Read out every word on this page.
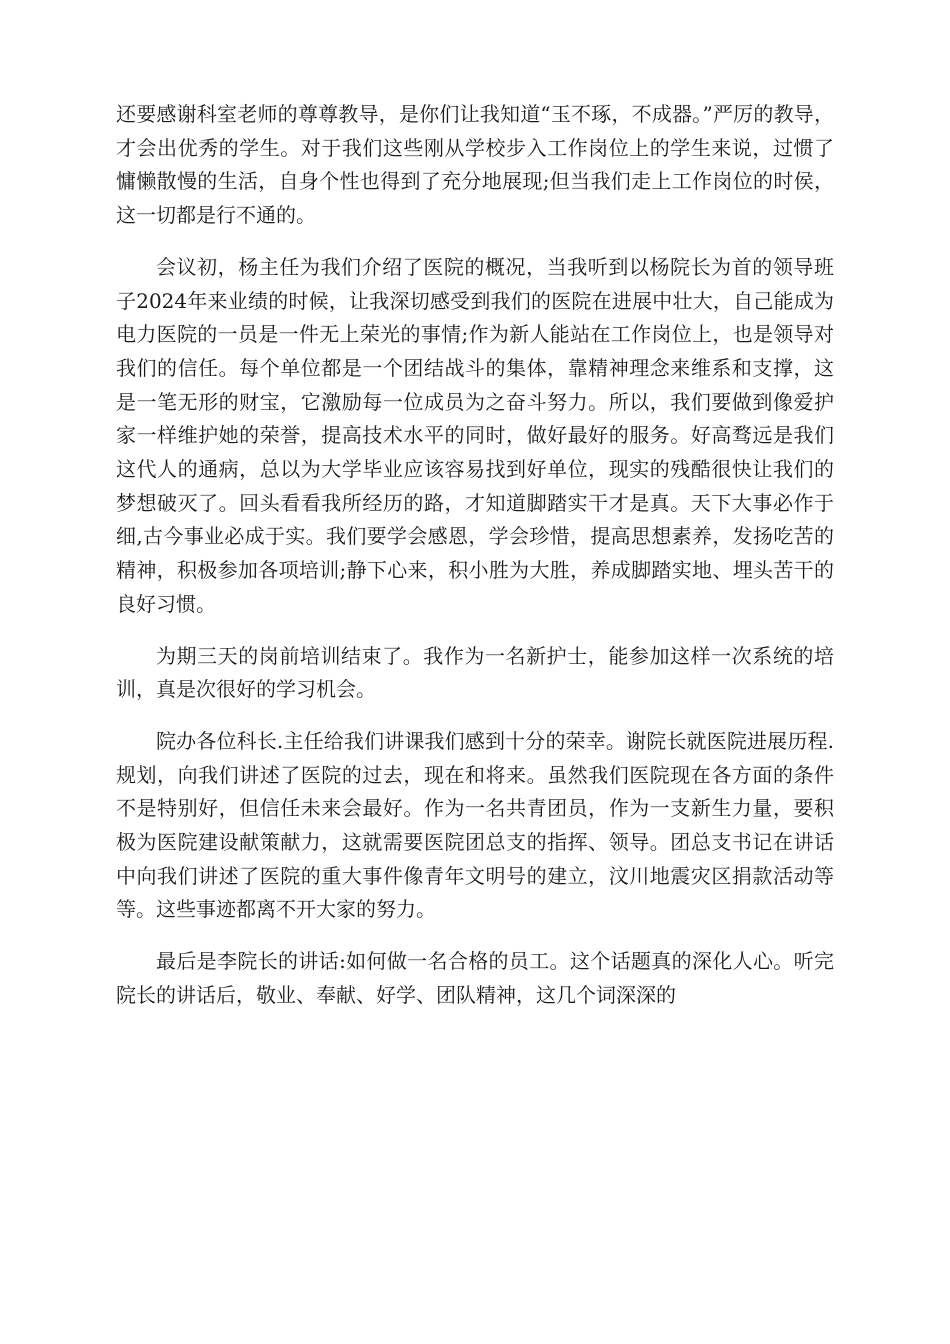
还要感谢科室老师的尊尊教导，是你们让我知道“玉不琢，不成器。”严厉的教导，才会出优秀的学生。对于我们这些刚从学校步入工作岗位上的学生来说，过惯了慵懒散慢的生活，自身个性也得到了充分地展现;但当我们走上工作岗位的时侯，这一切都是行不通的。

会议初，杨主任为我们介绍了医院的概况，当我听到以杨院长为首的领导班子2024年来业绩的时候，让我深切感受到我们的医院在进展中壮大，自己能成为电力医院的一员是一件无上荣光的事情;作为新人能站在工作岗位上，也是领导对我们的信任。每个单位都是一个团结战斗的集体，靠精神理念来维系和支撑，这是一笔无形的财宝，它激励每一位成员为之奋斗努力。所以，我们要做到像爱护家一样维护她的荣誉，提高技术水平的同时，做好最好的服务。好高骛远是我们这代人的通病，总以为大学毕业应该容易找到好单位，现实的残酷很快让我们的梦想破灭了。回头看看我所经历的路，才知道脚踏实干才是真。天下大事必作于细,古今事业必成于实。我们要学会感恩，学会珍惜，提高思想素养，发扬吃苦的精神，积极参加各项培训;静下心来，积小胜为大胜，养成脚踏实地、埋头苦干的良好习惯。

为期三天的岗前培训结束了。我作为一名新护士，能参加这样一次系统的培训，真是次很好的学习机会。

院办各位科长.主任给我们讲课我们感到十分的荣幸。谢院长就医院进展历程.规划，向我们讲述了医院的过去，现在和将来。虽然我们医院现在各方面的条件不是特别好，但信任未来会最好。作为一名共青团员，作为一支新生力量，要积极为医院建设献策献力，这就需要医院团总支的指挥、领导。团总支书记在讲话中向我们讲述了医院的重大事件像青年文明号的建立，汶川地震灾区捐款活动等等。这些事迹都离不开大家的努力。

最后是李院长的讲话:如何做一名合格的员工。这个话题真的深化人心。听完院长的讲话后，敬业、奉献、好学、团队精神，这几个词深深的
